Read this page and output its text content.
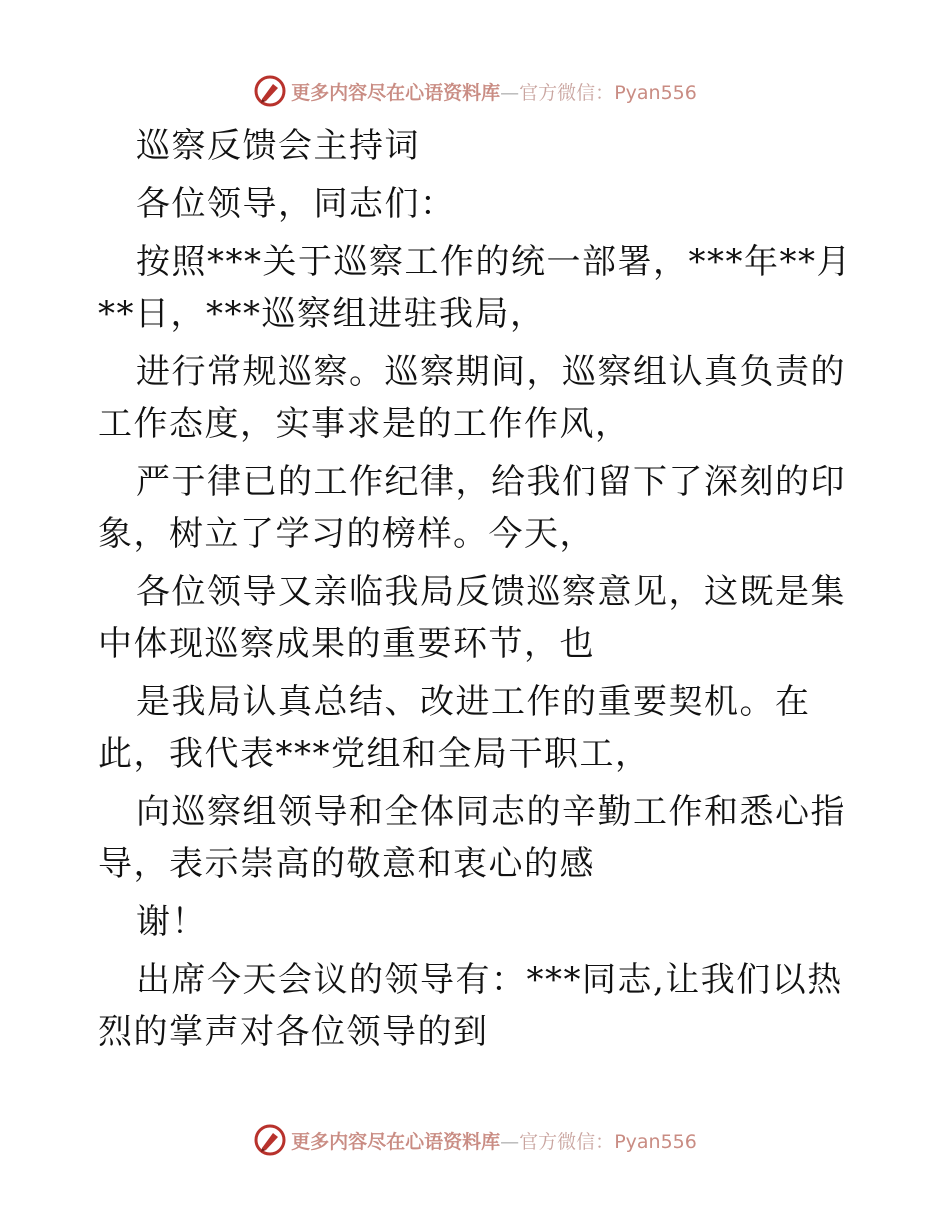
更多内容尽在心语资料库—官方微信：Pyan556

巡察反馈会主持词

各位领导，同志们：

按照***关于巡察工作的统一部署，***年**月**日，***巡察组进驻我局，

进行常规巡察。巡察期间，巡察组认真负责的工作态度，实事求是的工作作风，

严于律已的工作纪律，给我们留下了深刻的印象，树立了学习的榜样。今天，

各位领导又亲临我局反馈巡察意见，这既是集中体现巡察成果的重要环节，也

是我局认真总结、改进工作的重要契机。在此，我代表***党组和全局干职工，

向巡察组领导和全体同志的辛勤工作和悉心指导，表示崇高的敬意和衷心的感

谢！

出席今天会议的领导有：***同志,让我们以热烈的掌声对各位领导的到

更多内容尽在心语资料库—官方微信：Pyan556
